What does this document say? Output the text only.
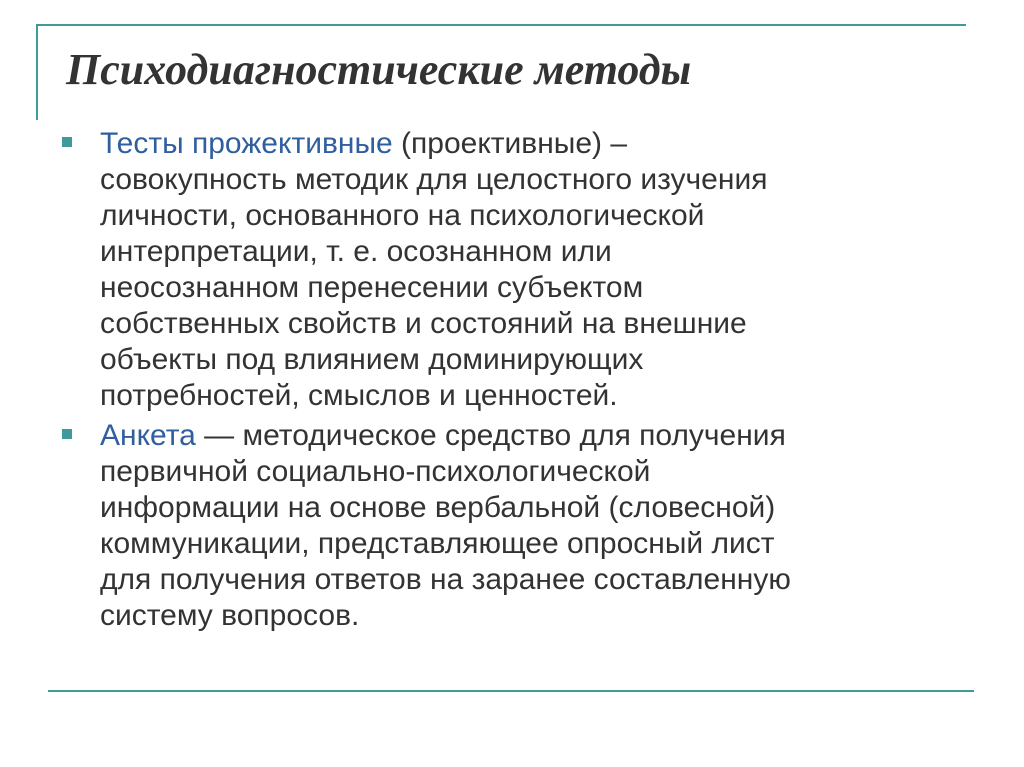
Психодиагностические методы
Тесты прожективные (проективные) –
совокупность методик для целостного изучения
личности, основанного на психологической
интерпретации, т. е. осознанном или
неосознанном перенесении субъектом
собственных свойств и состояний на внешние
объекты под влиянием доминирующих
потребностей, смыслов и ценностей.
Анкета — методическое средство для получения
первичной социально-психологической
информации на основе вербальной (словесной)
коммуникации, представляющее опросный лист
для получения ответов на заранее составленную
систему вопросов.
